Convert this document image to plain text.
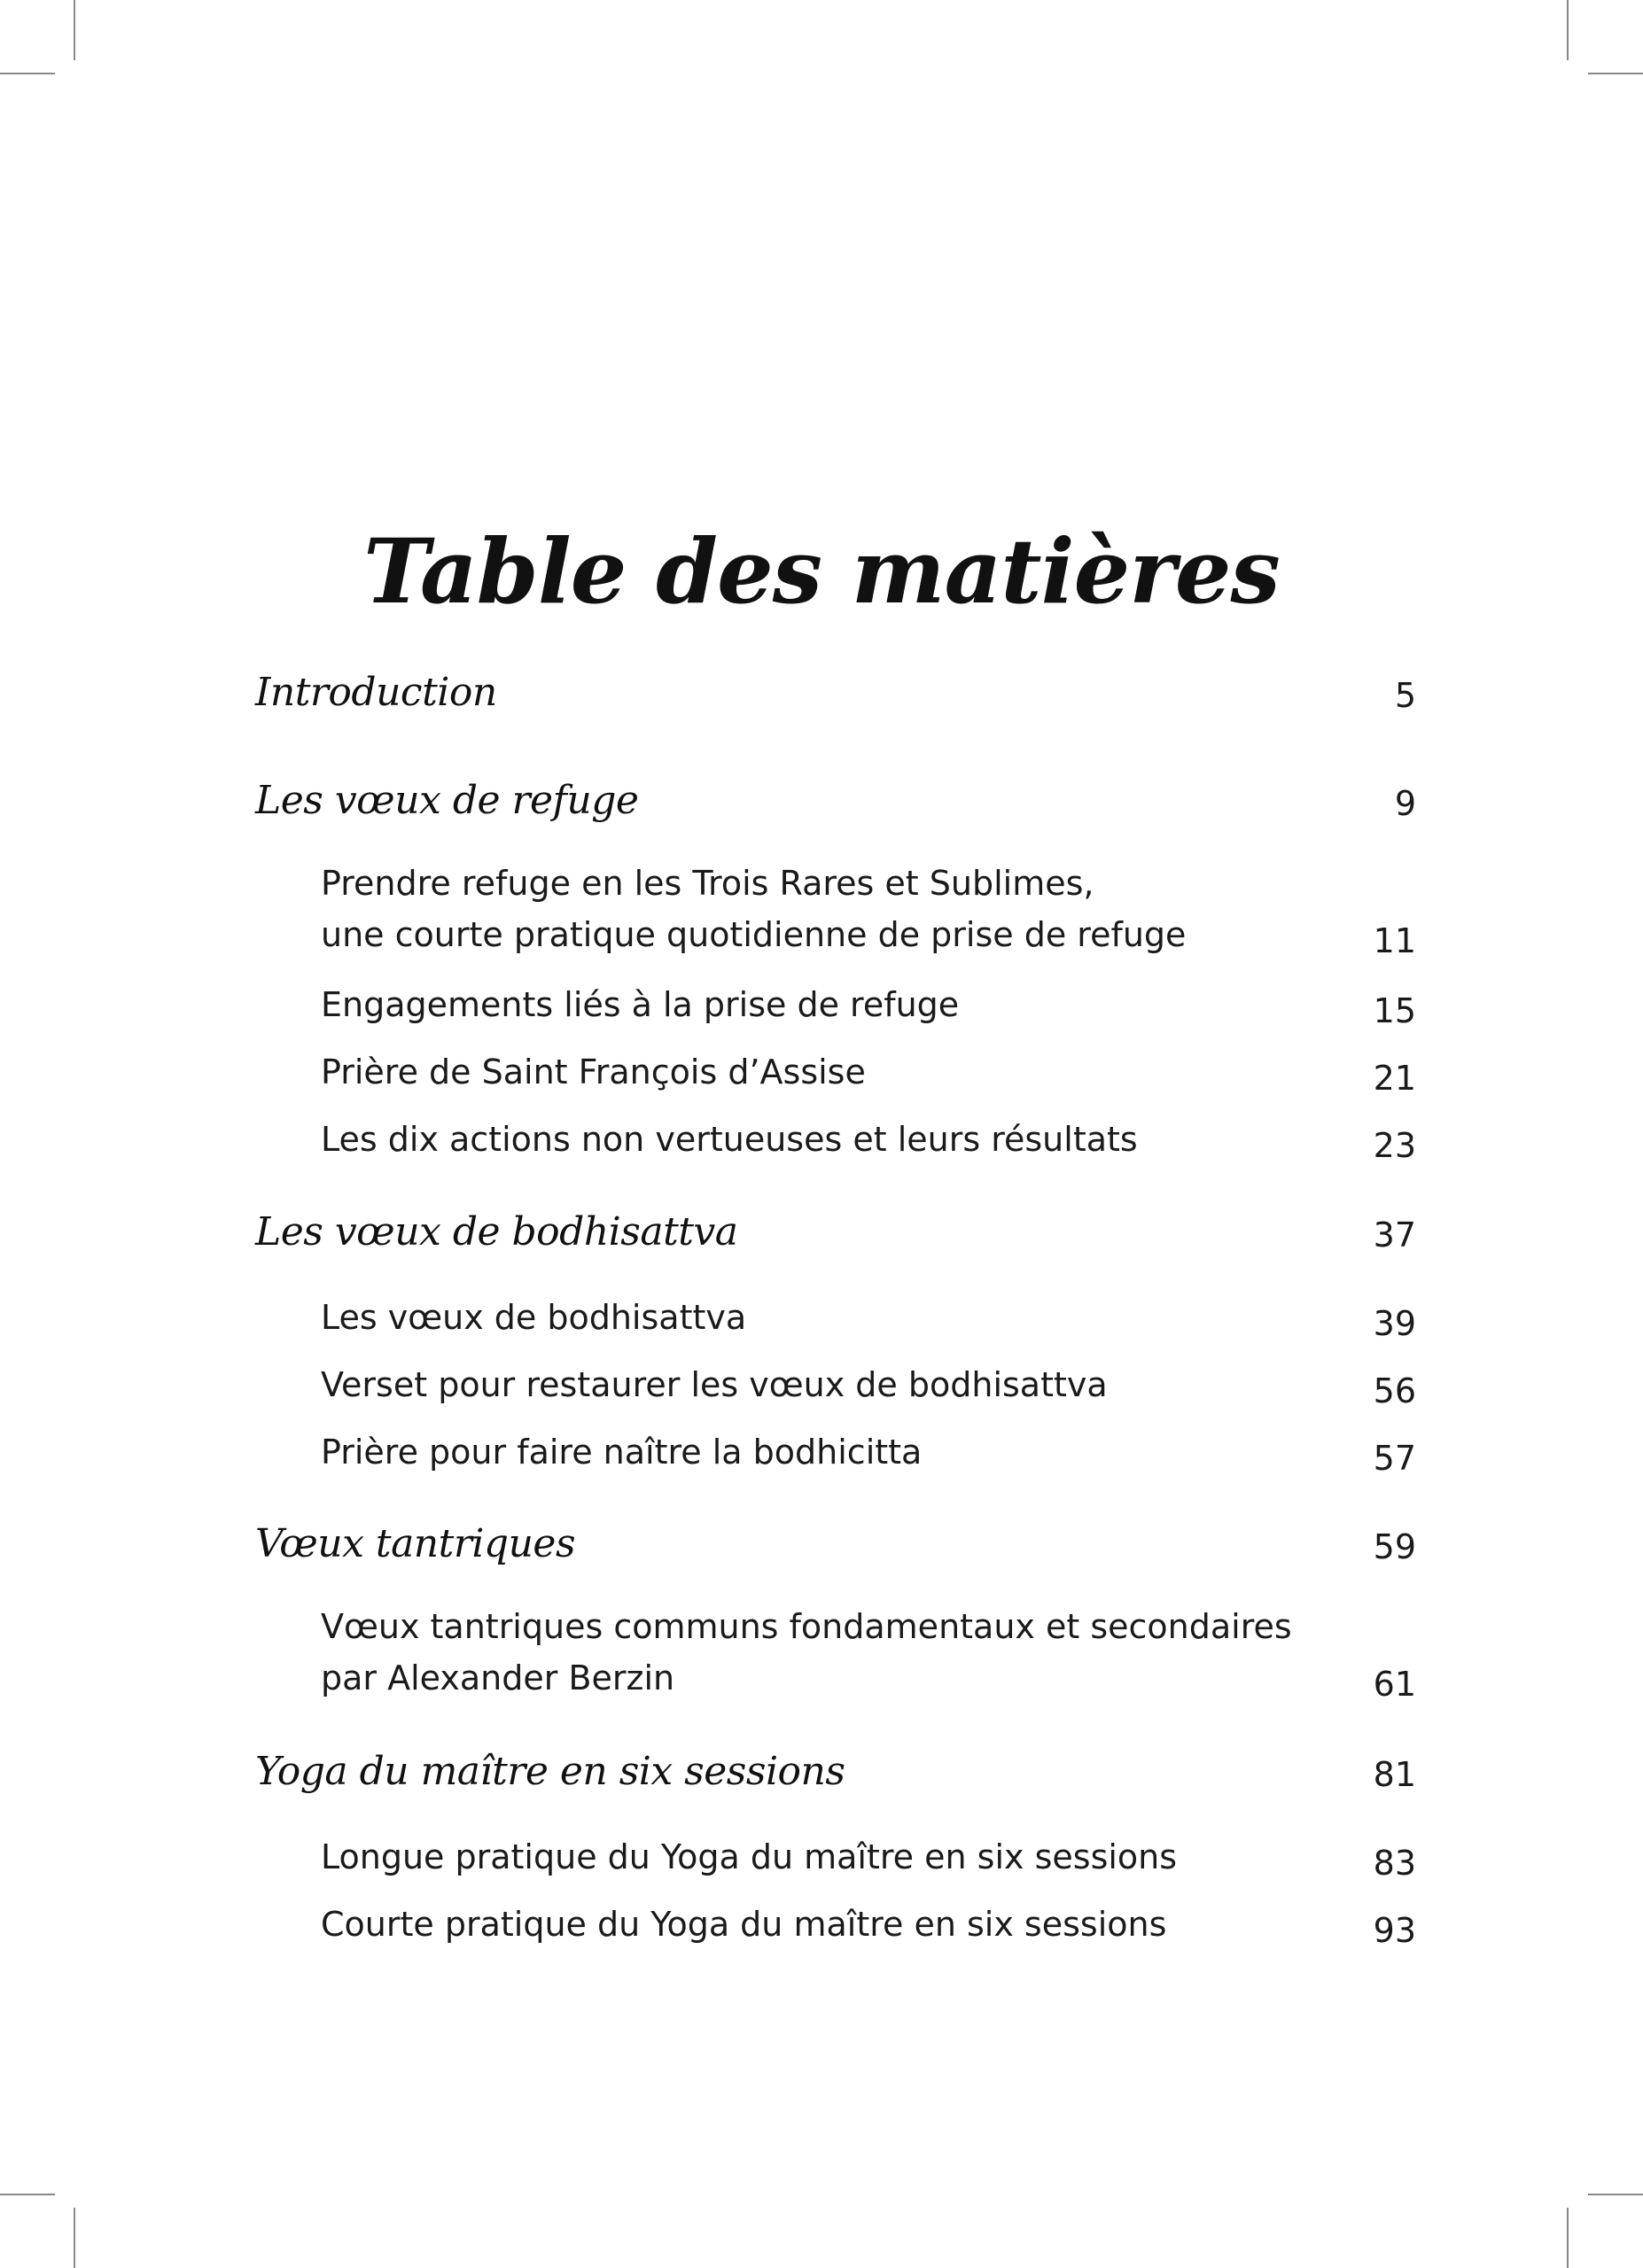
Table des matières
Introduction	5
Les vœux de refuge	9
Prendre refuge en les Trois Rares et Sublimes,
une courte pratique quotidienne de prise de refuge	11
Engagements liés à la prise de refuge	15
Prière de Saint François d’Assise	21
Les dix actions non vertueuses et leurs résultats	23
Les vœux de bodhisattva	37
Les vœux de bodhisattva	39
Verset pour restaurer les vœux de bodhisattva	56
Prière pour faire naître la bodhicitta	57
Vœux tantriques	59
Vœux tantriques communs fondamentaux et secondaires
par Alexander Berzin	61
Yoga du maître en six sessions	81
Longue pratique du Yoga du maître en six sessions	83
Courte pratique du Yoga du maître en six sessions	93
